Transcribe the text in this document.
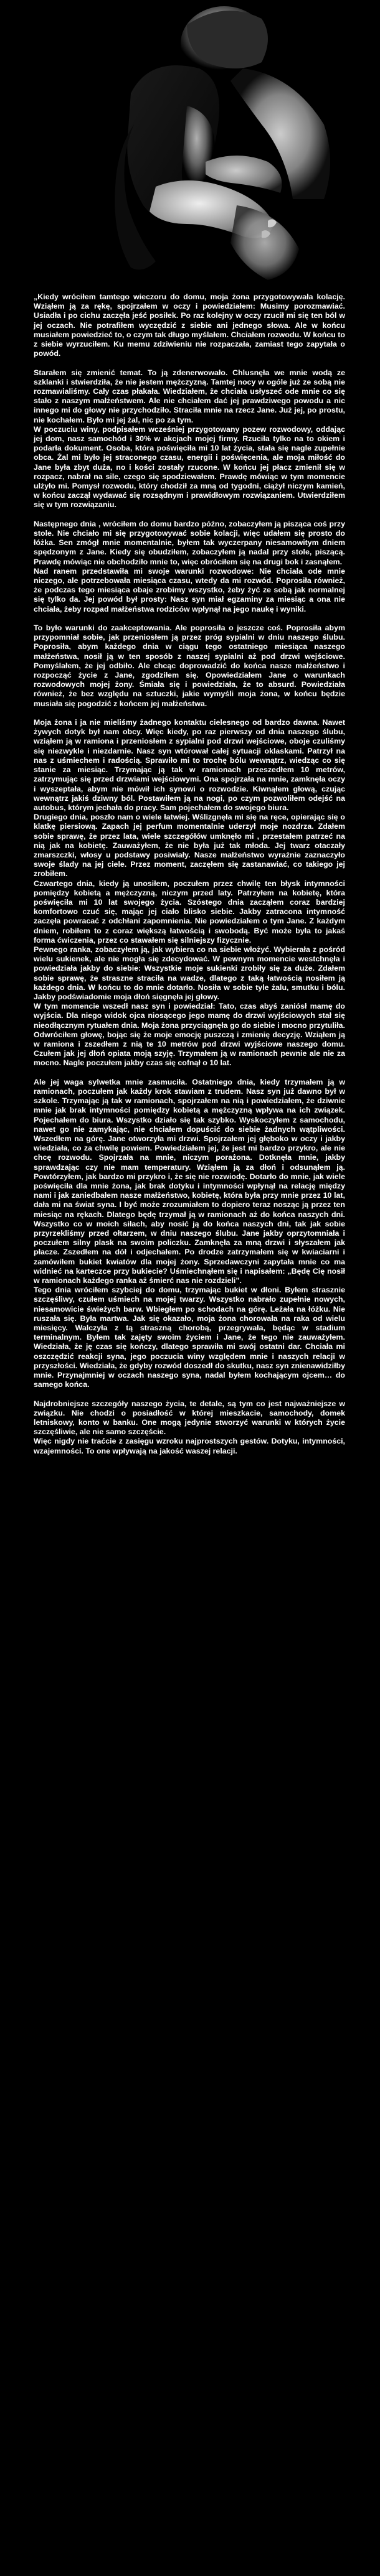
„Kiedy wróciłem tamtego wieczoru do domu, moja żona przygotowywała kolację. Wziąłem ją za rękę, spojrzałem w oczy i powiedziałem: Musimy porozmawiać. Usiadła i po cichu zaczęła jeść posiłek. Po raz kolejny w oczy rzucił mi się ten ból w jej oczach. Nie potrafiłem wyczędzić z siebie ani jednego słowa. Ale w końcu musiałem powiedzieć to, o czym tak długo myślałem. Chciałem rozwodu. W końcu to z siebie wyrzuciłem. Ku memu zdziwieniu nie rozpaczała, zamiast tego zapytała o powód.

Starałem się zmienić temat. To ją zdenerwowało. Chlusnęła we mnie wodą ze szklanki i stwierdziła, że nie jestem mężczyzną. Tamtej nocy w ogóle już ze sobą nie rozmawialiśmy. Cały czas płakała. Wiedziałem, że chciała usłyszeć ode mnie co się stało z naszym małżeństwem. Ale nie chciałem dać jej prawdziwego powodu a nic innego mi do głowy nie przychodziło. Straciła mnie na rzecz Jane. Już jej, po prostu, nie kochałem. Było mi jej żal, nic po za tym.
W poczuciu winy, podpisałem wcześniej przygotowany pozew rozwodowy, oddając jej dom, nasz samochód i 30% w akcjach mojej firmy. Rzuciła tylko na to okiem i podarła dokument. Osoba, która poświęciła mi 10 lat życia, stała się nagle zupełnie obca. Żal mi było jej straconego czasu, energii i poświęcenia, ale moja miłość do Jane była zbyt duża, no i kości zostały rzucone. W końcu jej płacz zmienił się w rozpacz, nabrał na sile, czego się spodziewałem. Prawdę mówiąc w tym momencie ulżyło mi. Pomysł rozwodu, który chodził za mną od tygodni, ciążył niczym kamień, w końcu zaczął wydawać się rozsądnym i prawidłowym rozwiązaniem. Utwierdziłem się w tym rozwiązaniu.

Następnego dnia , wróciłem do domu bardzo późno, zobaczyłem ją pisząca coś przy stole. Nie chciało mi się przygotowywać sobie kolacji, więc udałem się prosto do łóżka. Sen zmógł mnie momentalnie, byłem tak wyczerpany niesamowitym dniem spędzonym z Jane. Kiedy się obudziłem, zobaczyłem ją nadal przy stole, piszącą. Prawdę mówiąc nie obchodziło mnie to, więc obróciłem się na drugi bok i zasnąłem.
Nad ranem przedstawiła mi swoje warunki rozwodowe: Nie chciała ode mnie niczego, ale potrzebowała miesiąca czasu, wtedy da mi rozwód. Poprosiła również, że podczas tego miesiąca obaje zrobimy wszystko, żeby żyć ze sobą jak normalnej się tylko da. Jej powód był prosty: Nasz syn miał egzaminy za miesiąc a ona nie chciała, żeby rozpad małżeństwa rodziców wpłynął na jego naukę i wyniki.

To było warunki do zaakceptowania. Ale poprosiła o jeszcze coś. Poprosiła abym przypomniał sobie, jak przeniosłem ją przez próg sypialni w dniu naszego ślubu. Poprosiła, abym każdego dnia w ciągu tego ostatniego miesiąca naszego małżeństwa, nosił ją w ten sposób z naszej sypialni aż pod drzwi wejściowe. Pomyślałem, że jej odbiło. Ale chcąc doprowadzić do końca nasze małżeństwo i rozpocząć życie z Jane, zgodziłem się. Opowiedziałem Jane o warunkach rozwodowych mojej żony. Śmiała się i powiedziała, że to absurd. Powiedziała również, że bez względu na sztuczki, jakie wymyśli moja żona, w końcu będzie musiała się pogodzić z końcem jej małżeństwa.

Moja żona i ja nie mieliśmy żadnego kontaktu cielesnego od bardzo dawna. Nawet żywych dotyk był nam obcy. Więc kiedy, po raz pierwszy od dnia naszego ślubu, wziąłem ją w ramiona i przeniosłem z sypialni pod drzwi wejściowe, oboje czuliśmy się niezwykle i niezdarnie. Nasz syn wtórował całej sytuacji oklaskami. Patrzył na nas z uśmiechem i radością. Sprawiło mi to trochę bólu wewnątrz, wiedząc co się stanie za miesiąc. Trzymając ją tak w ramionach przeszedłem 10 metrów, zatrzymując się przed drzwiami wejściowymi. Ona spojrzała na mnie, zamknęła oczy i wyszeptała, abym nie mówił ich synowi o rozwodzie. Kiwnąłem głową, czując wewnątrz jakiś dziwny ból. Postawiłem ją na nogi, po czym pozwoliłem odejść na autobus, którym jechała do pracy. Sam pojechałem do swojego biura.
Drugiego dnia, poszło nam o wiele łatwiej. Wślizgnęła mi się na ręce, opierając się o klatkę piersiową. Zapach jej perfum momentalnie uderzył moje nozdrza. Zdałem sobie sprawę, że przez lata, wiele szczegółów umknęło mi , przestałem patrzeć na nią jak na kobietę. Zauważyłem, że nie była już tak młoda. Jej twarz otaczały zmarszczki, włosy u podstawy posiwiały. Nasze małżeństwo wyraźnie zaznaczyło swoje ślady na jej ciele. Przez moment, zaczęłem się zastanawiać, co takiego jej zrobiłem.
Czwartego dnia, kiedy ją unosiłem, poczułem przez chwilę ten błysk intymności pomiędzy kobietą a mężczyzną, niczym przed laty. Patrzyłem na kobietę, która poświęciła mi 10 lat swojego życia. Szóstego dnia zacząłem coraz bardziej komfortowo czuć się, mając jej ciało blisko siebie. Jakby zatracona intymność zaczęła powracać z odchłani zapomnienia. Nie powiedziałem o tym Jane. Z każdym dniem, robiłem to z coraz większą łatwością i swobodą. Być może była to jakaś forma ćwiczenia, przez co stawałem się silniejszy fizycznie.
Pewnego ranka, zobaczyłem ją, jak wybiera co na siebie włożyć. Wybierała z pośród wielu sukienek, ale nie mogła się zdecydować. W pewnym momencie westchnęła i powiedziała jakby do siebie: Wszystkie moje sukienki zrobiły się za duże. Zdałem sobie sprawę, że straszne straciła na wadze, dlatego z taką łatwością nosiłem ją każdego dnia. W końcu to do mnie dotarło. Nosiła w sobie tyle żalu, smutku i bólu. Jakby podświadomie moja dłoń sięgnęła jej głowy.
W tym momencie wszedł nasz syn i powiedział: Tato, czas abyś zaniósł mamę do wyjścia. Dla niego widok ojca niosącego jego mamę do drzwi wyjściowych stał się nieodłącznym rytuałem dnia. Moja żona przyciągnęła go do siebie i mocno przytuliła. Odwróciłem głowę, bojąc się że moje emocję puszczą i zmienię decyzję. Wziąłem ją w ramiona i zszedłem z nią te 10 metrów pod drzwi wyjściowe naszego domu. Czułem jak jej dłoń opiata moją szyję. Trzymałem ją w ramionach pewnie ale nie za mocno. Nagle poczułem jakby czas się cofnął o 10 lat.

Ale jej waga sylwetka mnie zasmuciła. Ostatniego dnia, kiedy trzymałem ją w ramionach, poczułem jak każdy krok stawiam z trudem. Nasz syn już dawno był w szkole. Trzymając ją tak w ramionach, spojrzałem na nią i powiedziałem, że dziwnie mnie jak brak intymności pomiędzy kobietą a mężczyzną wpływa na ich związek. Pojechałem do biura. Wszystko działo się tak szybko. Wyskoczyłem z samochodu, nawet go nie zamykając, nie chciałem dopuścić do siebie żadnych wątpliwości. Wszedłem na górę. Jane otworzyła mi drzwi. Spojrzałem jej głęboko w oczy i jakby wiedziała, co za chwilę powiem. Powiedziałem jej, że jest mi bardzo przykro, ale nie chcę rozwodu. Spojrzała na mnie, niczym porażona. Dotknęła mnie, jakby sprawdzając czy nie mam temperatury. Wziąłem ją za dłoń i odsunąłem ją. Powtórzyłem, jak bardzo mi przykro i, że się nie rozwiodę. Dotarło do mnie, jak wiele poświęciła dla mnie żona, jak brak dotyku i intymności wpłynął na relację między nami i jak zaniedbałem nasze małżeństwo, kobietę, która była przy mnie przez 10 lat, dała mi na świat syna. I być może zrozumiałem to dopiero teraz nosząc ją przez ten miesiąc na rękach. Dlatego będę trzymał ją w ramionach aż do końca naszych dni. Wszystko co w moich siłach, aby nosić ją do końca naszych dni, tak jak sobie przyrzekliśmy przed ołtarzem, w dniu naszego ślubu. Jane jakby oprzytomniała i poczułem silny plask na swoim policzku. Zamknęła za mną drzwi i słyszałem jak płacze. Zszedłem na dół i odjechałem. Po drodze zatrzymałem się w kwiaciarni i zamówiłem bukiet kwiatów dla mojej żony. Sprzedawczyni zapytała mnie co ma widnieć na karteczce przy bukiecie? Uśmiechnąłem się i napisałem: „Będę Cię nosił w ramionach każdego ranka aż śmierć nas nie rozdzieli”.
Tego dnia wróciłem szybciej do domu, trzymając bukiet w dłoni. Byłem strasznie szczęśliwy, czułem uśmiech na mojej twarzy. Wszystko nabrało zupełnie nowych, niesamowicie świeżych barw. Wbiegłem po schodach na górę. Leżała na łóżku. Nie ruszała się. Była martwa. Jak się okazało, moja żona chorowała na raka od wielu miesięcy. Walczyła z tą straszną chorobą, przegrywała, będąc w stadium terminalnym. Byłem tak zajęty swoim życiem i Jane, że tego nie zauważyłem. Wiedziała, że ję czas się kończy, dlatego sprawiła mi swój ostatni dar. Chciała mi oszczędzić reakcji syna, jego poczucia winy względem mnie i naszych relacji w przyszłości. Wiedziała, że gdyby rozwód doszedł do skutku, nasz syn znienawidziłby mnie. Przynajmniej w oczach naszego syna, nadal byłem kochającym ojcem… do samego końca.

Najdrobniejsze szczegóły naszego życia, te detale, są tym co jest najważniejsze w związku. Nie chodzi o posiadłość w której mieszkacie, samochody, domek letniskowy, konto w banku. One mogą jedynie stworzyć warunki w których życie szczęśliwie, ale nie samo szczęście.
Więc nigdy nie traćcie z zasięgu wzroku najprostszych gestów. Dotyku, intymności, wzajemności. To one wpływają na jakość waszej relacji.
